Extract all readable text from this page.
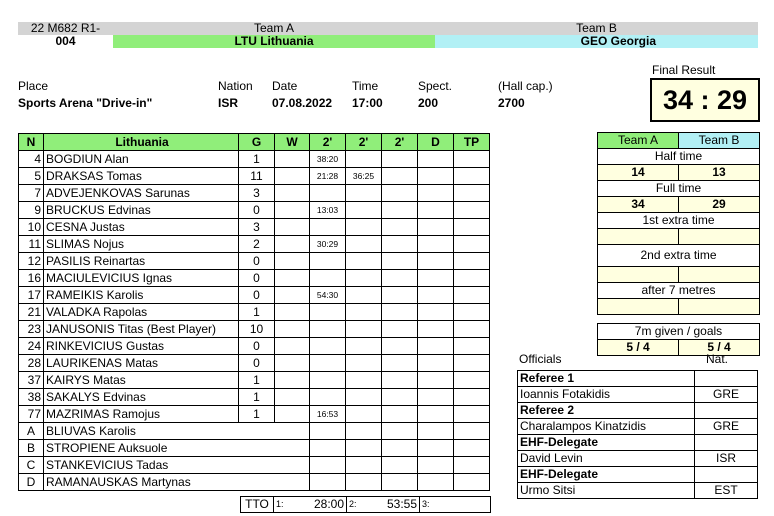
22 M682 R1-	Team A	Team B
004	LTU Lithuania	GEO Georgia
Place
Sports Arena "Drive-in"
Nation
ISR
Date
07.08.2022
Time
17:00
Spect.
200
(Hall cap.)
2700
Final Result
34 : 29
N	Lithuania	G	W	2'	2'	2'	D	TP
4	BOGDIUN Alan	1		38:20				
5	DRAKSAS Tomas	11		21:28	36:25			
7	ADVEJENKOVAS Sarunas	3						
9	BRUCKUS Edvinas	0		13:03				
10	CESNA Justas	3						
11	SLIMAS Nojus	2		30:29				
12	PASILIS Reinartas	0						
16	MACIULEVICIUS Ignas	0						
17	RAMEIKIS Karolis	0		54:30				
21	VALADKA Rapolas	1						
23	JANUSONIS Titas (Best Player)	10						
24	RINKEVICIUS Gustas	0						
28	LAURIKENAS Matas	0						
37	KAIRYS Matas	1						
38	SAKALYS Edvinas	1						
77	MAZRIMAS Ramojus	1		16:53				
A	BLIUVAS Karolis							
B	STROPIENE Auksuole							
C	STANKEVICIUS Tadas							
D	RAMANAUSKAS Martynas							
TTO	1:	28:00	2:	53:55	3:	
Team A	Team B
Half time	
14	13
Full time	
34	29
1st extra time	

2nd extra time	

after 7 metres	

7m given / goals	
5 / 4	5 / 4
Officials	Nat.
Referee 1	
Ioannis Fotakidis	GRE
Referee 2	
Charalampos Kinatzidis	GRE
EHF-Delegate	
David Levin	ISR
EHF-Delegate	
Urmo Sitsi	EST
